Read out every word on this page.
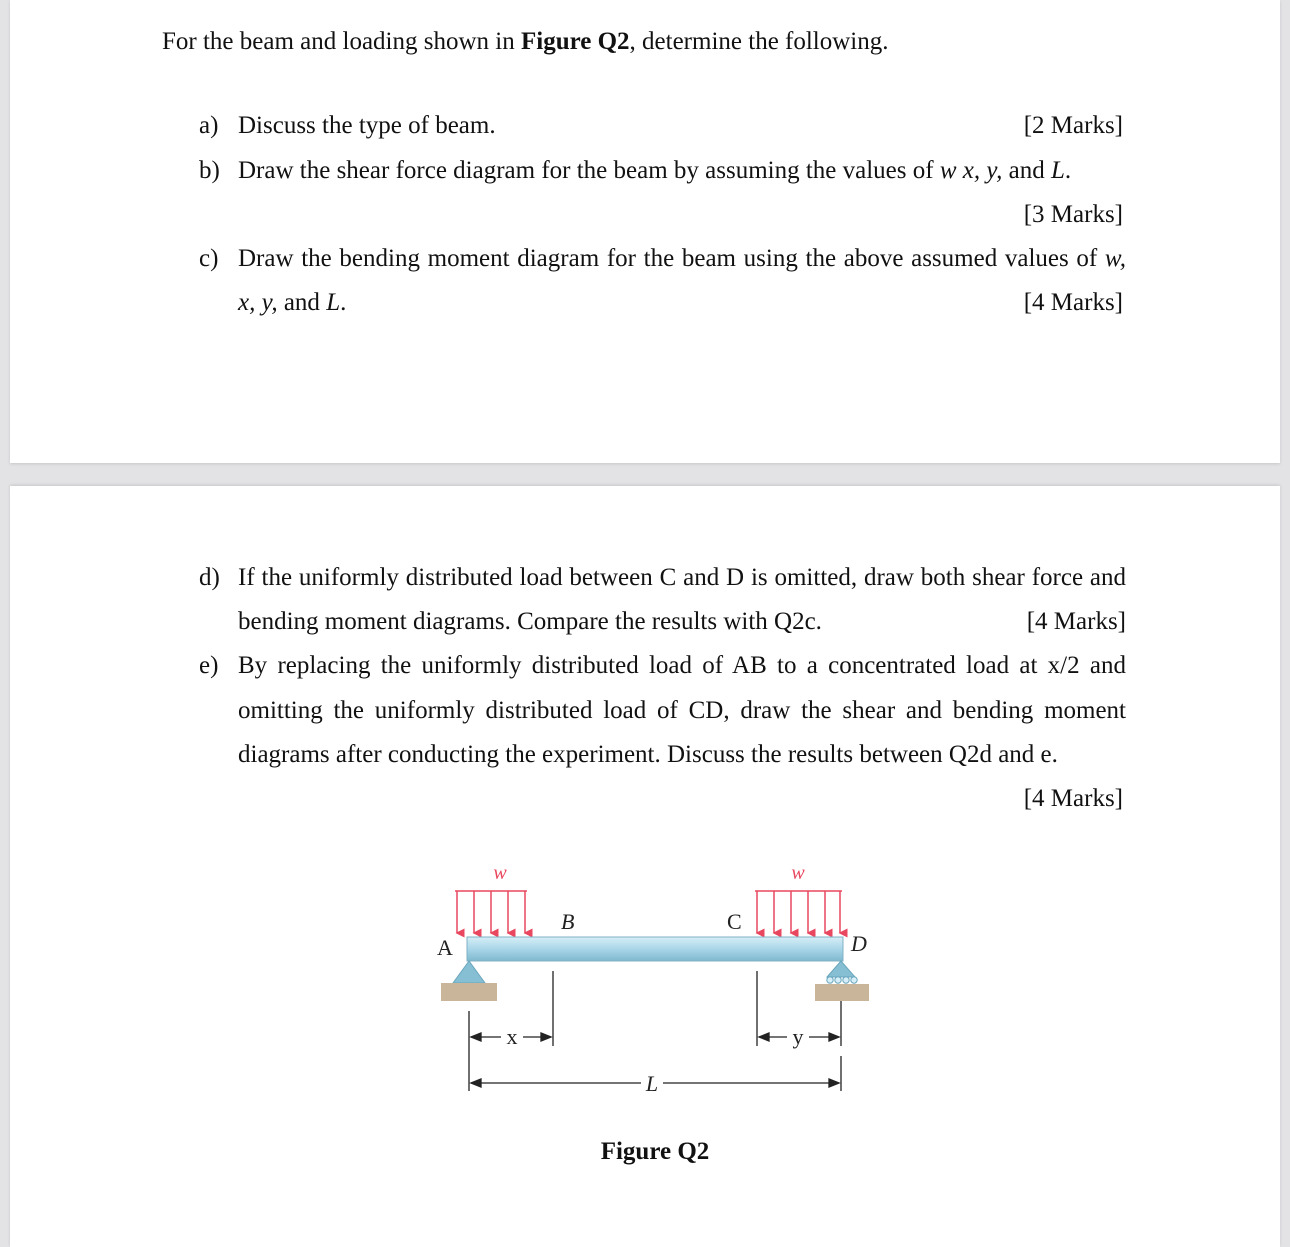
For the beam and loading shown in Figure Q2, determine the following.
a) Discuss the type of beam.	[2 Marks]
b) Draw the shear force diagram for the beam by assuming the values of w x, y, and L.
[3 Marks]
c) Draw the bending moment diagram for the beam using the above assumed values of w,
x, y, and L.	[4 Marks]
d) If the uniformly distributed load between C and D is omitted, draw both shear force and
bending moment diagrams. Compare the results with Q2c.	[4 Marks]
e) By replacing the uniformly distributed load of AB to a concentrated load at x/2 and
omitting the uniformly distributed load of CD, draw the shear and bending moment
diagrams after conducting the experiment. Discuss the results between Q2d and e.
[4 Marks]
w	w
A
B	C
D
x	y
L
Figure Q2
